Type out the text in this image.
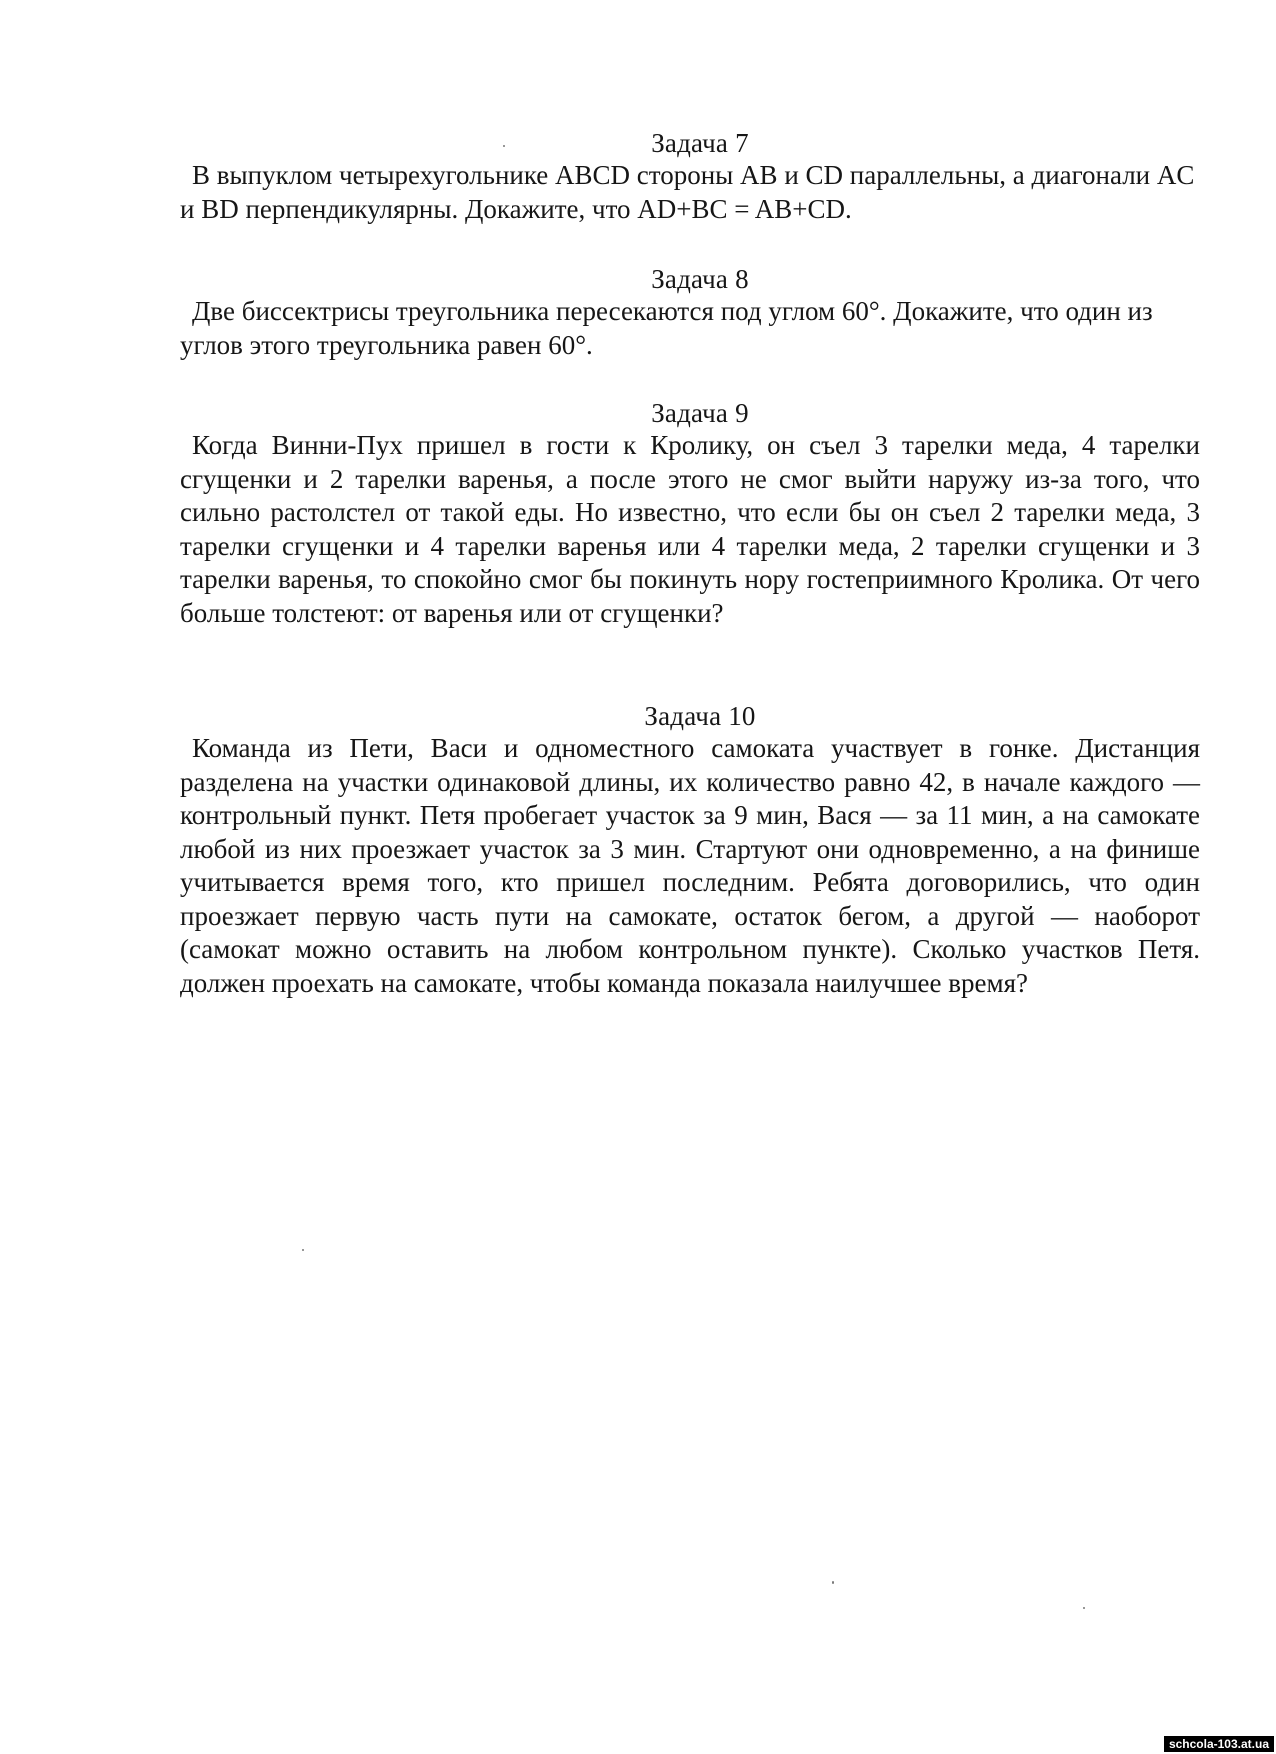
Задача 7

В выпуклом четырехугольнике ABCD стороны AB и CD параллельны, а диагонали AC и BD перпендикулярны. Докажите, что AD+BC = AB+CD.

Задача 8

Две биссектрисы треугольника пересекаются под углом 60°. Докажите, что один из углов этого треугольника равен 60°.

Задача 9

Когда Винни-Пух пришел в гости к Кролику, он съел 3 тарелки меда, 4 тарелки сгущенки и 2 тарелки варенья, а после этого не смог выйти наружу из-за того, что сильно растолстел от такой еды. Но известно, что если бы он съел 2 тарелки меда, 3 тарелки сгущенки и 4 тарелки варенья или 4 тарелки меда, 2 тарелки сгущенки и 3 тарелки варенья, то спокойно смог бы покинуть нору гостеприимного Кролика. От чего больше толстеют: от варенья или от сгущенки?

Задача 10

Команда из Пети, Васи и одноместного самоката участвует в гонке. Дистанция разделена на участки одинаковой длины, их количество равно 42, в начале каждого — контрольный пункт. Петя пробегает участок за 9 мин, Вася — за 11 мин, а на самокате любой из них проезжает участок за 3 мин. Стартуют они одновременно, а на финише учитывается время того, кто пришел последним. Ребята договорились, что один проезжает первую часть пути на самокате, остаток бегом, а другой — наоборот (самокат можно оставить на любом контрольном пункте). Сколько участков Петя. должен проехать на самокате, чтобы команда показала наилучшее время?

schcola-103.at.ua
